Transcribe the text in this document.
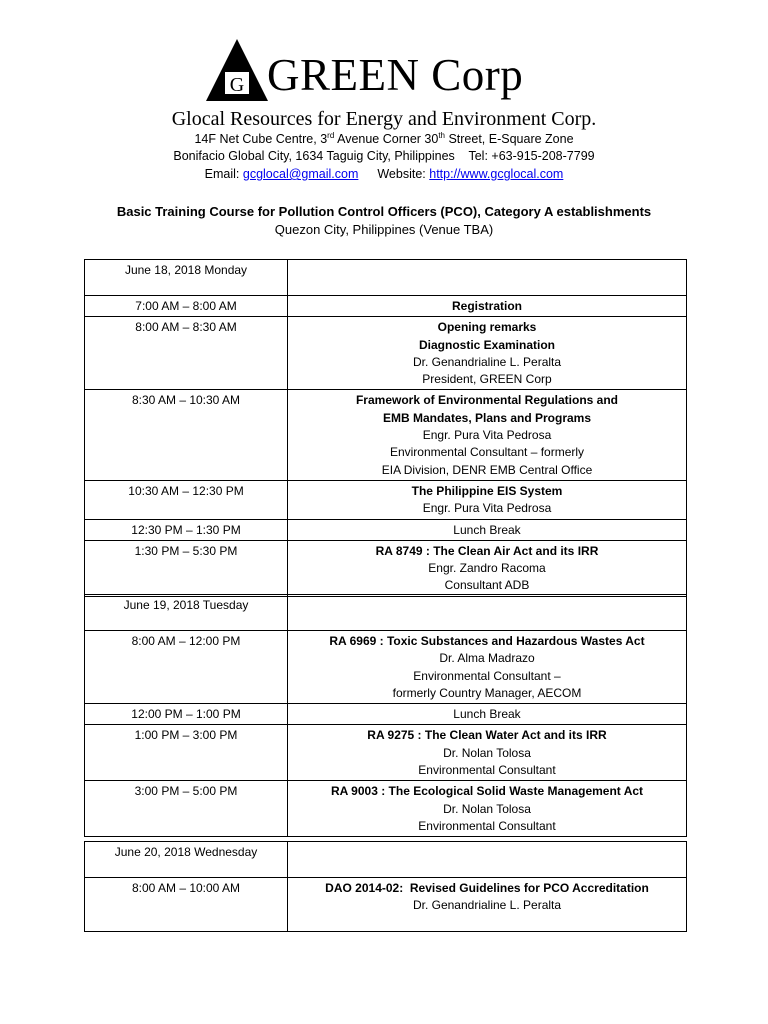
G GREEN Corp
Glocal Resources for Energy and Environment Corp.
14F Net Cube Centre, 3rd Avenue Corner 30th Street, E-Square Zone
Bonifacio Global City, 1634 Taguig City, Philippines    Tel: +63-915-208-7799
Email: gcglocal@gmail.com Website: http://www.gcglocal.com
Basic Training Course for Pollution Control Officers (PCO), Category A establishments
Quezon City, Philippines (Venue TBA)
June 18, 2018 Monday	
7:00 AM – 8:00 AM	Registration

8:00 AM – 8:30 AM	Opening remarks
Diagnostic Examination
Dr. Genandrialine L. Peralta
President, GREEN Corp

8:30 AM – 10:30 AM	Framework of Environmental Regulations and
EMB Mandates, Plans and Programs
Engr. Pura Vita Pedrosa
Environmental Consultant – formerly
EIA Division, DENR EMB Central Office

10:30 AM – 12:30 PM	The Philippine EIS System
Engr. Pura Vita Pedrosa

12:30 PM – 1:30 PM	Lunch Break

1:30 PM – 5:30 PM	RA 8749 : The Clean Air Act and its IRR
Engr. Zandro Racoma
Consultant ADB
June 19, 2018 Tuesday	
8:00 AM – 12:00 PM	RA 6969 : Toxic Substances and Hazardous Wastes Act
Dr. Alma Madrazo
Environmental Consultant –
formerly Country Manager, AECOM

12:00 PM – 1:00 PM	Lunch Break

1:00 PM – 3:00 PM	RA 9275 : The Clean Water Act and its IRR
Dr. Nolan Tolosa
Environmental Consultant

3:00 PM – 5:00 PM	RA 9003 : The Ecological Solid Waste Management Act
Dr. Nolan Tolosa
Environmental Consultant
June 20, 2018 Wednesday	
8:00 AM – 10:00 AM	DAO 2014-02:  Revised Guidelines for PCO Accreditation
Dr. Genandrialine L. Peralta
